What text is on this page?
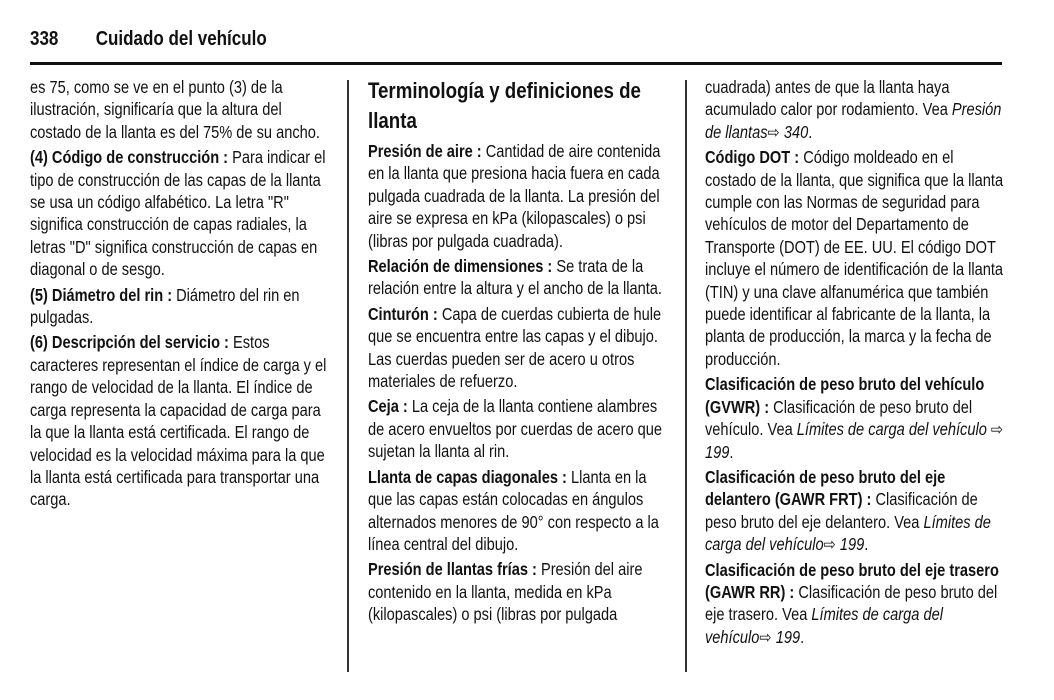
338 Cuidado del vehículo

es 75, como se ve en el punto (3) de la ilustración, significaría que la altura del costado de la llanta es del 75% de su ancho.

(4) Código de construcción : Para indicar el tipo de construcción de las capas de la llanta se usa un código alfabético. La letra "R" significa construcción de capas radiales, la letras "D" significa construcción de capas en diagonal o de sesgo.

(5) Diámetro del rin : Diámetro del rin en pulgadas.

(6) Descripción del servicio : Estos caracteres representan el índice de carga y el rango de velocidad de la llanta. El índice de carga representa la capacidad de carga para la que la llanta está certificada. El rango de velocidad es la velocidad máxima para la que la llanta está certificada para transportar una carga.

Terminología y definiciones de llanta

Presión de aire : Cantidad de aire contenida en la llanta que presiona hacia fuera en cada pulgada cuadrada de la llanta. La presión del aire se expresa en kPa (kilopascales) o psi (libras por pulgada cuadrada).

Relación de dimensiones : Se trata de la relación entre la altura y el ancho de la llanta.

Cinturón : Capa de cuerdas cubierta de hule que se encuentra entre las capas y el dibujo. Las cuerdas pueden ser de acero u otros materiales de refuerzo.

Ceja : La ceja de la llanta contiene alambres de acero envueltos por cuerdas de acero que sujetan la llanta al rin.

Llanta de capas diagonales : Llanta en la que las capas están colocadas en ángulos alternados menores de 90° con respecto a la línea central del dibujo.

Presión de llantas frías : Presión del aire contenido en la llanta, medida en kPa (kilopascales) o psi (libras por pulgada

cuadrada) antes de que la llanta haya acumulado calor por rodamiento. Vea Presión de llantas⇨ 340.

Código DOT : Código moldeado en el costado de la llanta, que significa que la llanta cumple con las Normas de seguridad para vehículos de motor del Departamento de Transporte (DOT) de EE. UU. El código DOT incluye el número de identificación de la llanta (TIN) y una clave alfanumérica que también puede identificar al fabricante de la llanta, la planta de producción, la marca y la fecha de producción.

Clasificación de peso bruto del vehículo (GVWR) : Clasificación de peso bruto del vehículo. Vea Límites de carga del vehículo ⇨ 199.

Clasificación de peso bruto del eje delantero (GAWR FRT) : Clasificación de peso bruto del eje delantero. Vea Límites de carga del vehículo⇨ 199.

Clasificación de peso bruto del eje trasero (GAWR RR) : Clasificación de peso bruto del eje trasero. Vea Límites de carga del vehículo⇨ 199.
